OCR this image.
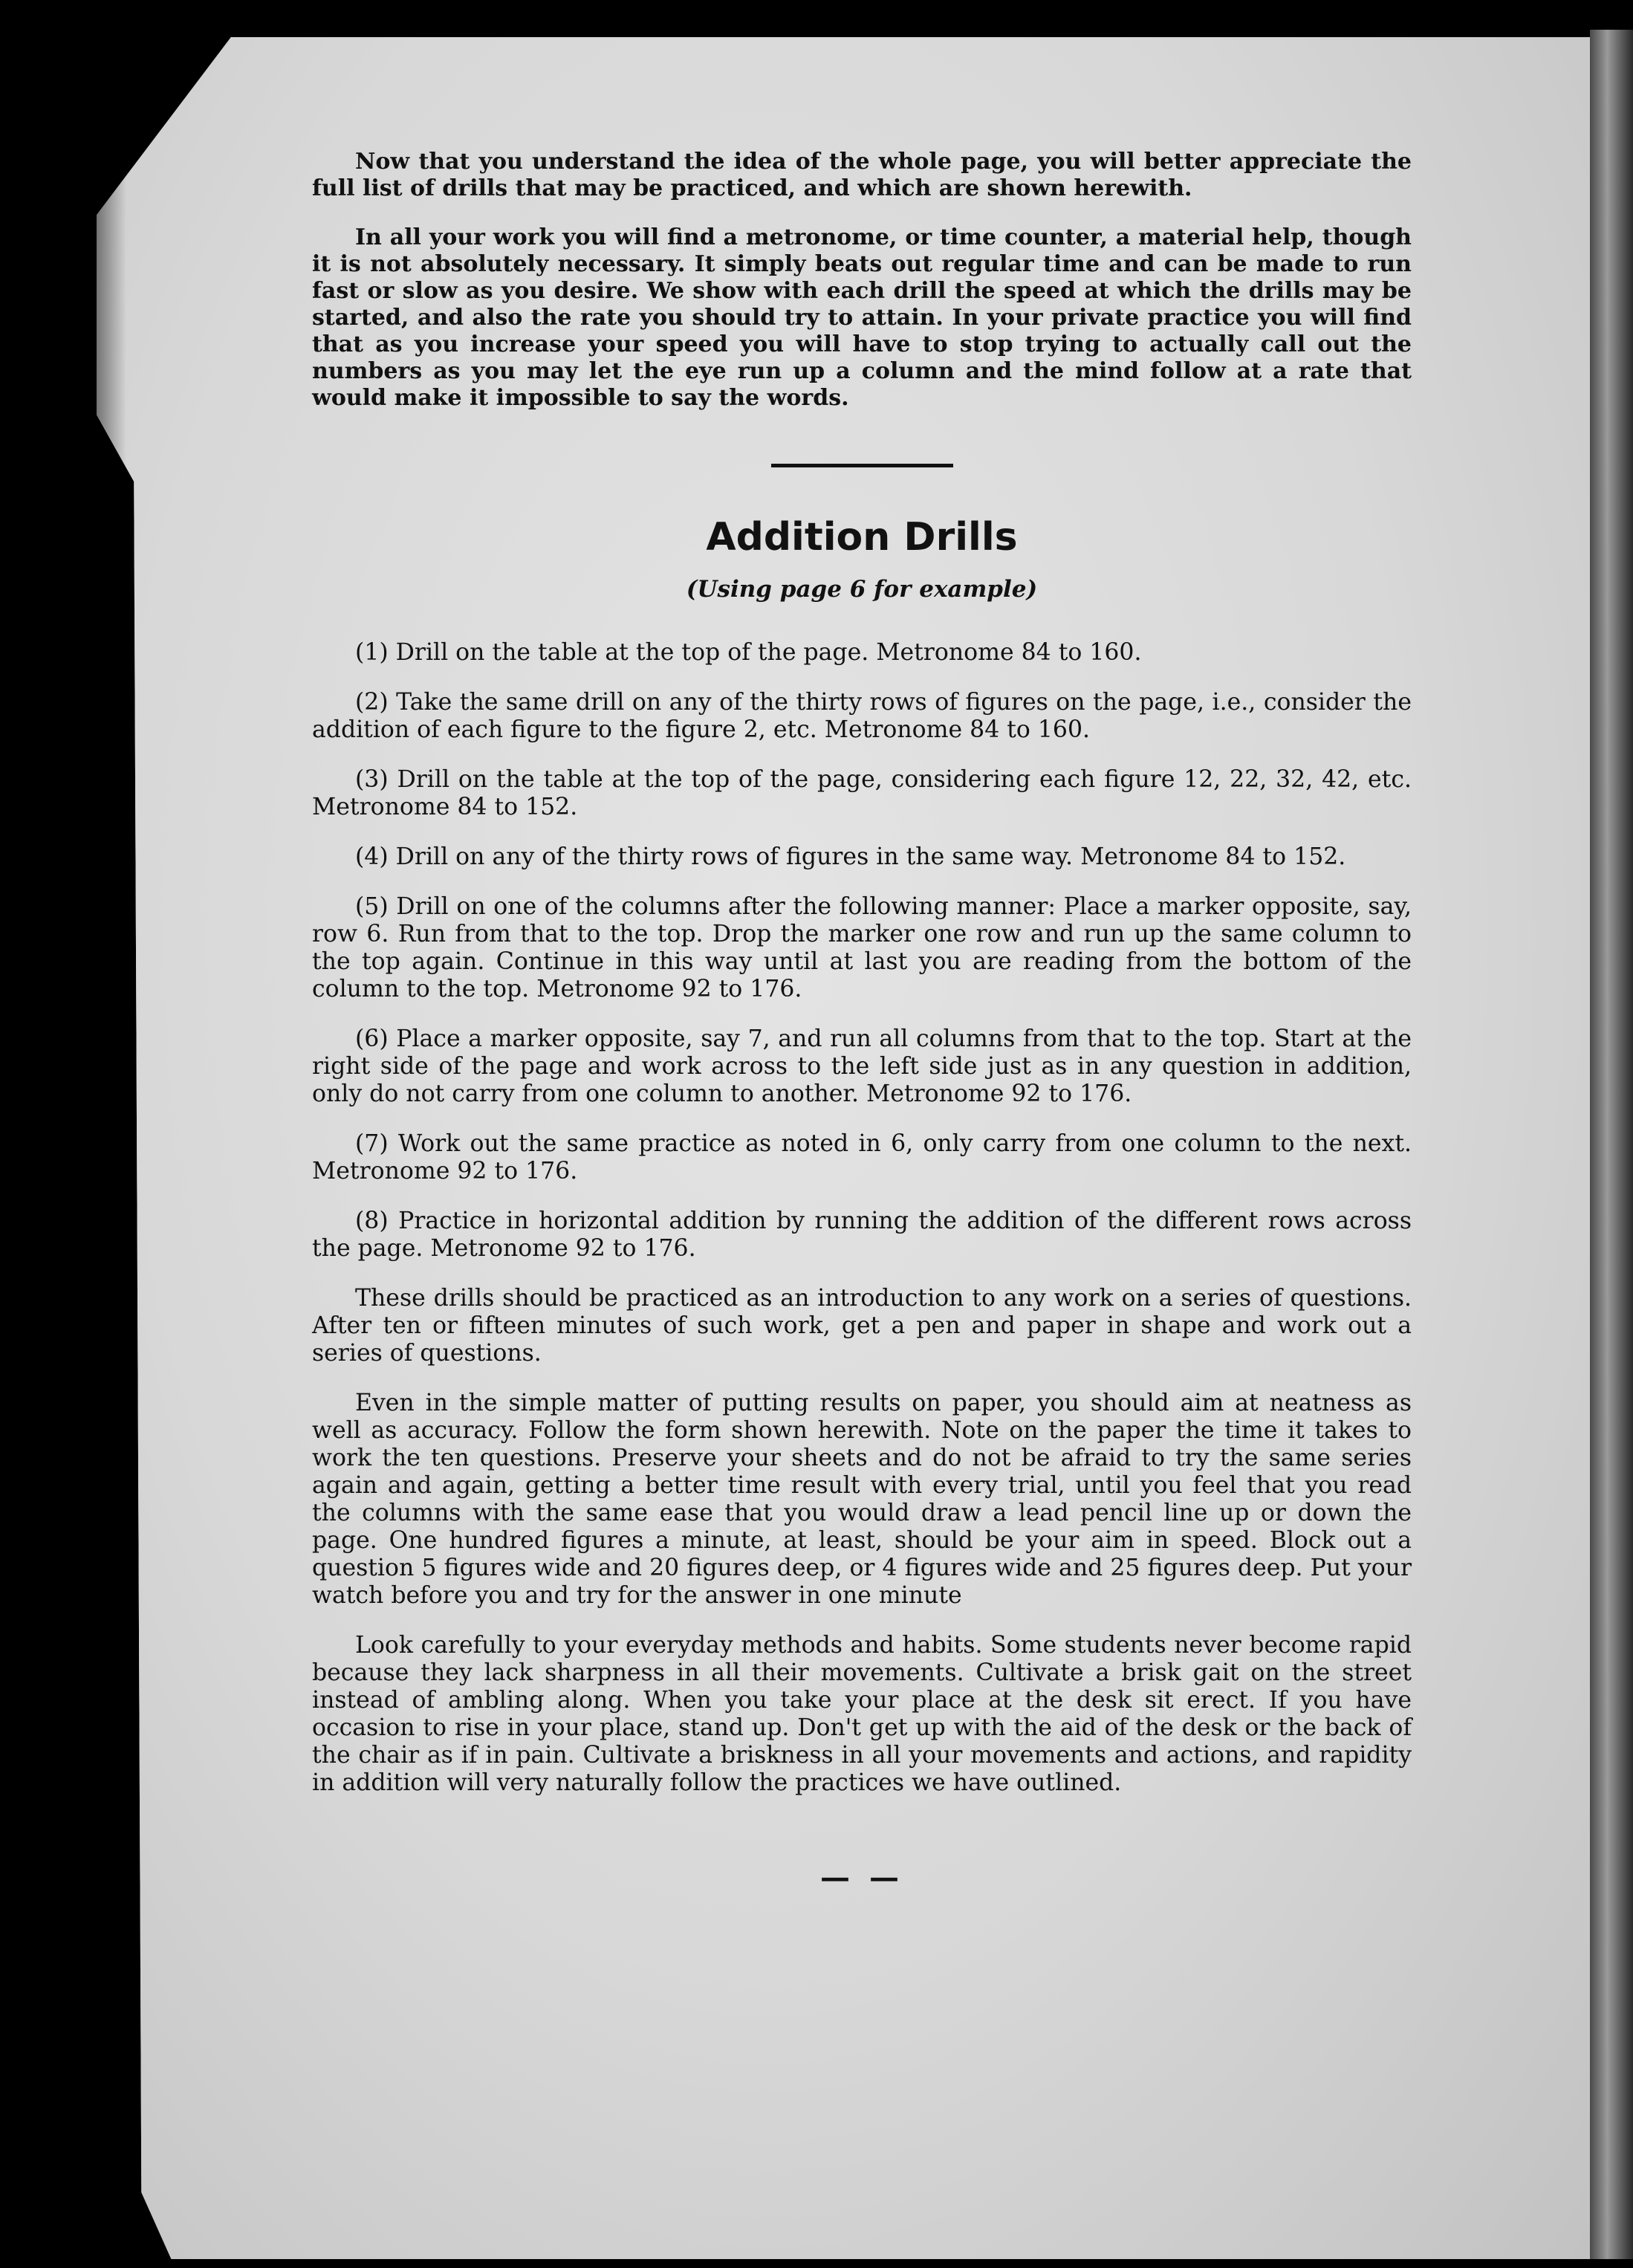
Now that you understand the idea of the whole page, you will better appreciate the full list of drills that may be practiced, and which are shown herewith.

In all your work you will find a metronome, or time counter, a material help, though it is not absolutely necessary. It simply beats out regular time and can be made to run fast or slow as you desire. We show with each drill the speed at which the drills may be started, and also the rate you should try to attain. In your private practice you will find that as you increase your speed you will have to stop trying to actually call out the numbers as you may let the eye run up a column and the mind follow at a rate that would make it impossible to say the words.

Addition Drills
(Using page 6 for example)

(1) Drill on the table at the top of the page. Metronome 84 to 160.

(2) Take the same drill on any of the thirty rows of figures on the page, i.e., consider the addition of each figure to the figure 2, etc. Metronome 84 to 160.

(3) Drill on the table at the top of the page, considering each figure 12, 22, 32, 42, etc. Metronome 84 to 152.

(4) Drill on any of the thirty rows of figures in the same way. Metronome 84 to 152.

(5) Drill on one of the columns after the following manner: Place a marker opposite, say, row 6. Run from that to the top. Drop the marker one row and run up the same column to the top again. Continue in this way until at last you are reading from the bottom of the column to the top. Metronome 92 to 176.

(6) Place a marker opposite, say 7, and run all columns from that to the top. Start at the right side of the page and work across to the left side just as in any question in addition, only do not carry from one column to another. Metronome 92 to 176.

(7) Work out the same practice as noted in 6, only carry from one column to the next. Metronome 92 to 176.

(8) Practice in horizontal addition by running the addition of the different rows across the page. Metronome 92 to 176.

These drills should be practiced as an introduction to any work on a series of questions. After ten or fifteen minutes of such work, get a pen and paper in shape and work out a series of questions.

Even in the simple matter of putting results on paper, you should aim at neatness as well as accuracy. Follow the form shown herewith. Note on the paper the time it takes to work the ten questions. Preserve your sheets and do not be afraid to try the same series again and again, getting a better time result with every trial, until you feel that you read the columns with the same ease that you would draw a lead pencil line up or down the page. One hundred figures a minute, at least, should be your aim in speed. Block out a question 5 figures wide and 20 figures deep, or 4 figures wide and 25 figures deep. Put your watch before you and try for the answer in one minute

Look carefully to your everyday methods and habits. Some students never become rapid because they lack sharpness in all their movements. Cultivate a brisk gait on the street instead of ambling along. When you take your place at the desk sit erect. If you have occasion to rise in your place, stand up. Don't get up with the aid of the desk or the back of the chair as if in pain. Cultivate a briskness in all your movements and actions, and rapidity in addition will very naturally follow the practices we have outlined.

— —
